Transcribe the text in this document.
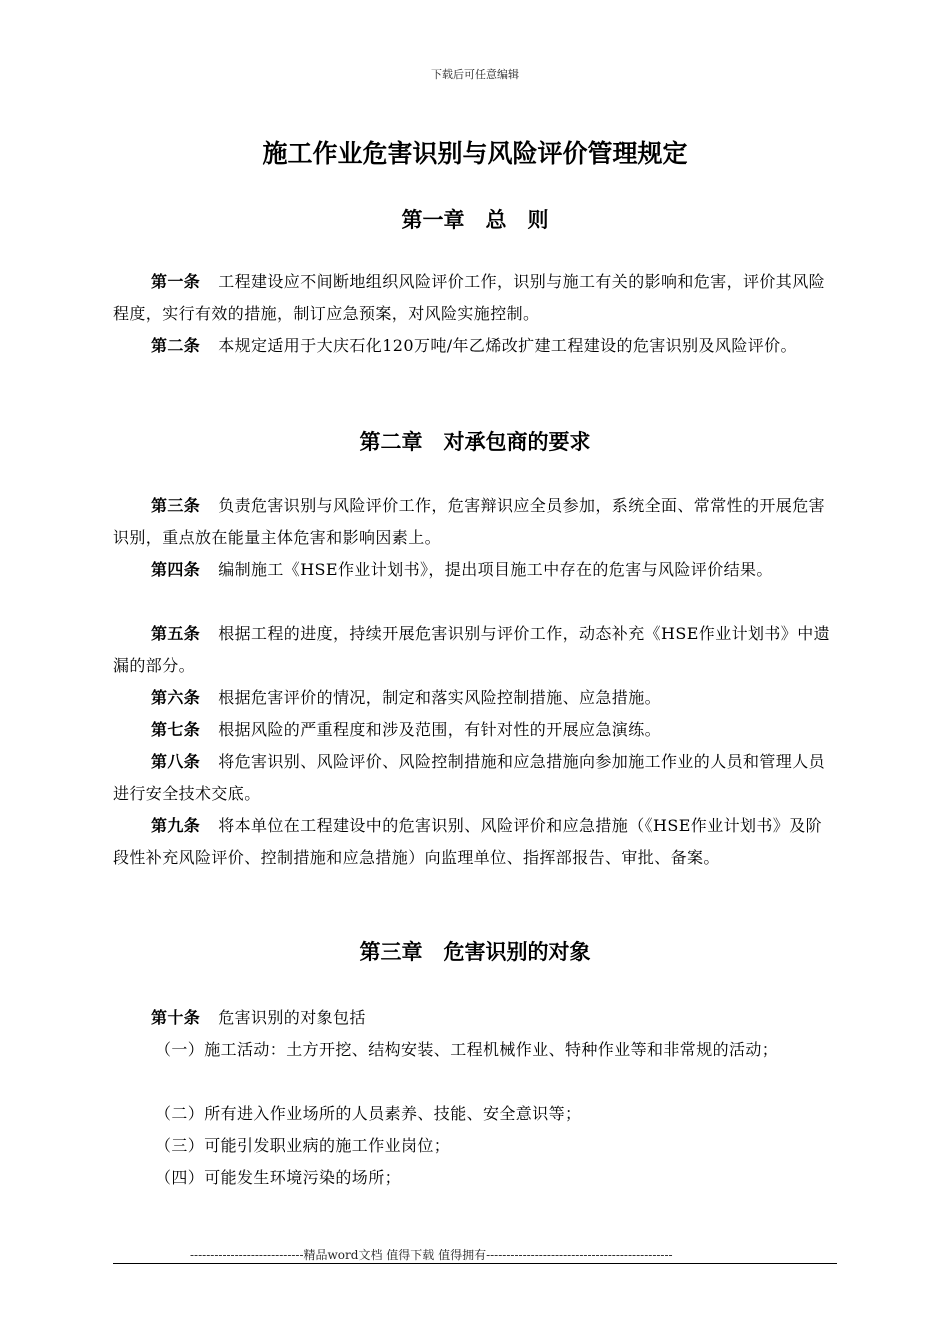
下载后可任意编辑
施工作业危害识别与风险评价管理规定
第一章　总　则
第一条 工程建设应不间断地组织风险评价工作，识别与施工有关的影响和危害，评价其风险程度，实行有效的措施，制订应急预案，对风险实施控制。
第二条 本规定适用于大庆石化120万吨/年乙烯改扩建工程建设的危害识别及风险评价。
第二章　对承包商的要求
第三条 负责危害识别与风险评价工作，危害辩识应全员参加，系统全面、常常性的开展危害识别，重点放在能量主体危害和影响因素上。
第四条 编制施工《HSE作业计划书》，提出项目施工中存在的危害与风险评价结果。
第五条 根据工程的进度，持续开展危害识别与评价工作，动态补充《HSE作业计划书》中遗漏的部分。
第六条 根据危害评价的情况，制定和落实风险控制措施、应急措施。
第七条 根据风险的严重程度和涉及范围，有针对性的开展应急演练。
第八条 将危害识别、风险评价、风险控制措施和应急措施向参加施工作业的人员和管理人员进行安全技术交底。
第九条 将本单位在工程建设中的危害识别、风险评价和应急措施（《HSE作业计划书》及阶段性补充风险评价、控制措施和应急措施）向监理单位、指挥部报告、审批、备案。
第三章　危害识别的对象
第十条 危害识别的对象包括
（一）施工活动：土方开挖、结构安装、工程机械作业、特种作业等和非常规的活动；
（二）所有进入作业场所的人员素养、技能、安全意识等；
（三）可能引发职业病的施工作业岗位；
（四）可能发生环境污染的场所；
----------------------------精品word文档 值得下载 值得拥有----------------------------------------------
